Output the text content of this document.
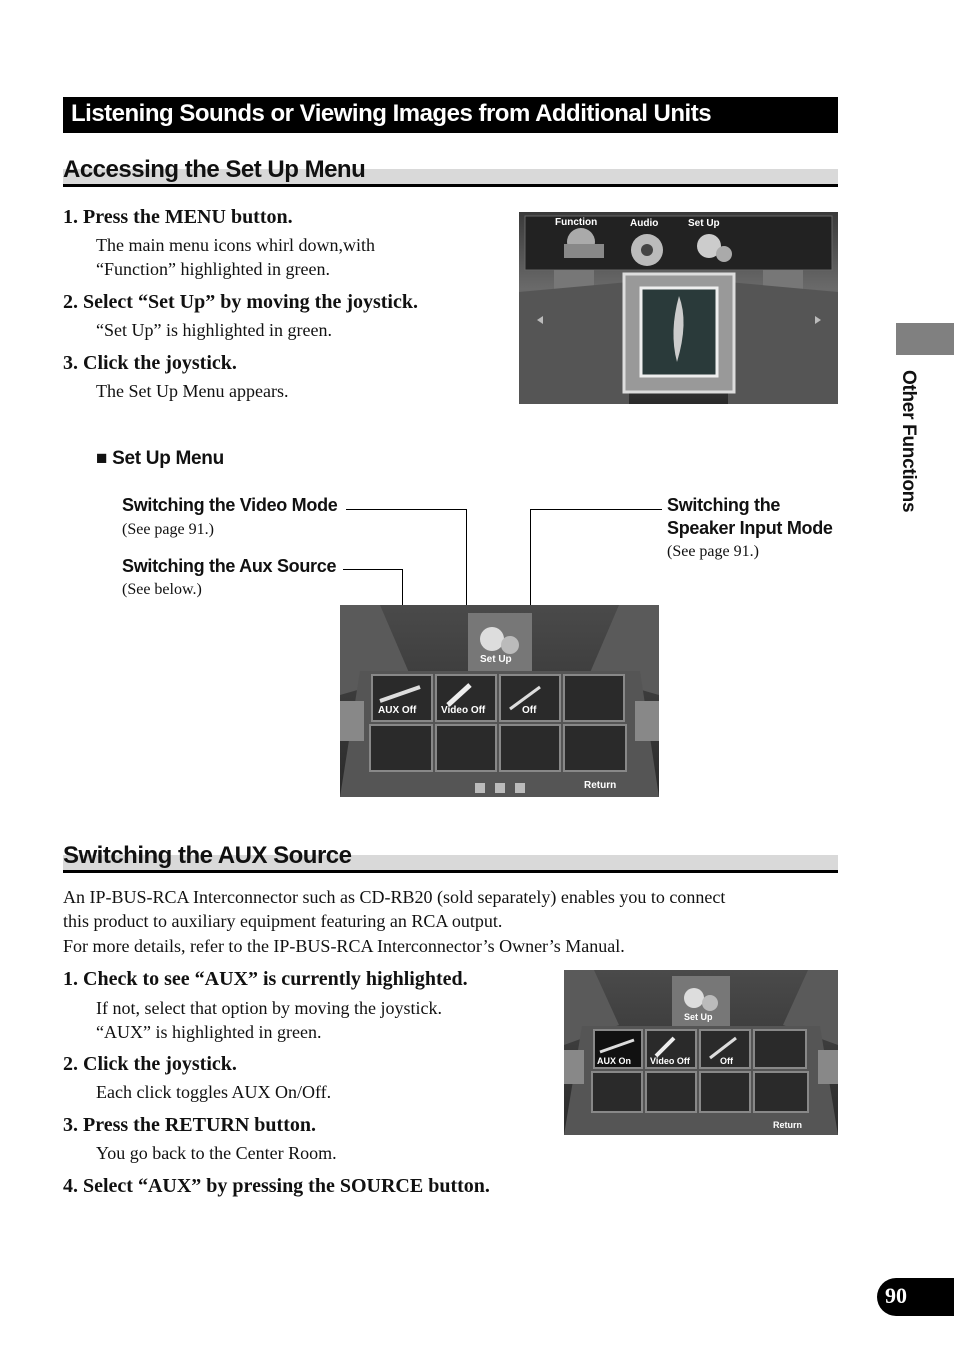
Listening Sounds or Viewing Images from Additional Units
Accessing the Set Up Menu
1. Press the MENU button.
The main menu icons whirl down,with
“Function” highlighted in green.
2. Select “Set Up” by moving the joystick.
“Set Up” is highlighted in green.
3. Click the joystick.
The Set Up Menu appears.
Function	Audio	Set Up
■ Set Up Menu
Switching the Video Mode
(See page 91.)
Switching the Aux Source
(See below.)
Switching the
Speaker Input Mode
(See page 91.)
Set Up
AUX Off Video Off	Off
Return
Switching the AUX Source
An IP-BUS-RCA Interconnector such as CD-RB20 (sold separately) enables you to connect
this product to auxiliary equipment featuring an RCA output.
For more details, refer to the IP-BUS-RCA Interconnector’s Owner’s Manual.
1. Check to see “AUX” is currently highlighted.
If not, select that option by moving the joystick.
“AUX” is highlighted in green.
2. Click the joystick.
Each click toggles AUX On/Off.
3. Press the RETURN button.
You go back to the Center Room.
4. Select “AUX” by pressing the SOURCE button.
Set Up
AUX On Video Off	Off
Return
Other Functions
90
